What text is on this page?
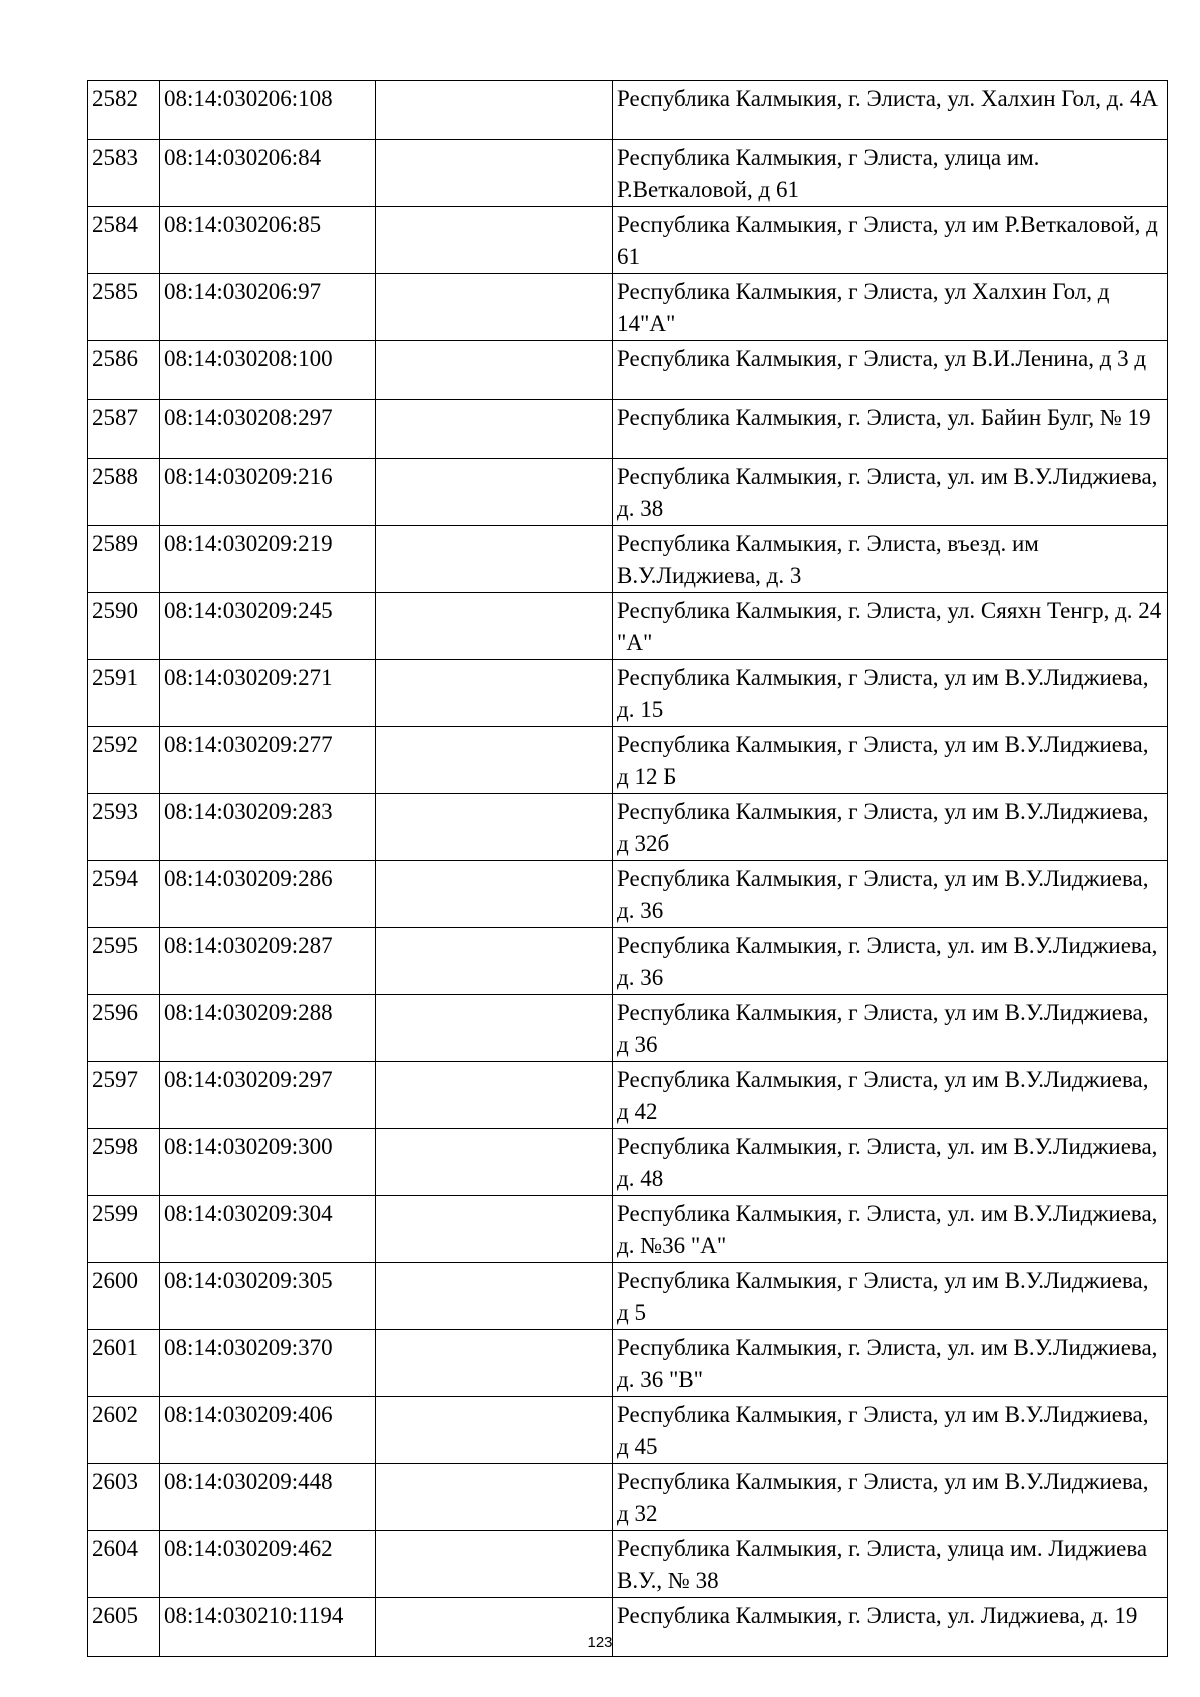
2582	08:14:030206:108		Республика Калмыкия, г. Элиста, ул. Халхин Гол, д. 4А
2583	08:14:030206:84		Республика Калмыкия, г Элиста, улица им. Р.Веткаловой, д 61
2584	08:14:030206:85		Республика Калмыкия, г Элиста, ул им Р.Веткаловой, д 61
2585	08:14:030206:97		Республика Калмыкия, г Элиста, ул Халхин Гол, д 14"А"
2586	08:14:030208:100		Республика Калмыкия, г Элиста, ул В.И.Ленина, д 3 д
2587	08:14:030208:297		Республика Калмыкия, г. Элиста, ул. Байин Булг, № 19
2588	08:14:030209:216		Республика Калмыкия, г. Элиста, ул. им В.У.Лиджиева, д. 38
2589	08:14:030209:219		Республика Калмыкия, г. Элиста, въезд. им В.У.Лиджиева, д. 3
2590	08:14:030209:245		Республика Калмыкия, г. Элиста, ул. Сяяхн Тенгр, д. 24 "А"
2591	08:14:030209:271		Республика Калмыкия, г Элиста, ул им В.У.Лиджиева, д. 15
2592	08:14:030209:277		Республика Калмыкия, г Элиста, ул им В.У.Лиджиева, д 12 Б
2593	08:14:030209:283		Республика Калмыкия, г Элиста, ул им В.У.Лиджиева, д 32б
2594	08:14:030209:286		Республика Калмыкия, г Элиста, ул им В.У.Лиджиева, д. 36
2595	08:14:030209:287		Республика Калмыкия, г. Элиста, ул. им В.У.Лиджиева, д. 36
2596	08:14:030209:288		Республика Калмыкия, г Элиста, ул им В.У.Лиджиева, д 36
2597	08:14:030209:297		Республика Калмыкия, г Элиста, ул им В.У.Лиджиева, д 42
2598	08:14:030209:300		Республика Калмыкия, г. Элиста, ул. им В.У.Лиджиева, д. 48
2599	08:14:030209:304		Республика Калмыкия, г. Элиста, ул. им В.У.Лиджиева, д. №36 "А"
2600	08:14:030209:305		Республика Калмыкия, г Элиста, ул им В.У.Лиджиева, д 5
2601	08:14:030209:370		Республика Калмыкия, г. Элиста, ул. им В.У.Лиджиева, д. 36 "В"
2602	08:14:030209:406		Республика Калмыкия, г Элиста, ул им В.У.Лиджиева, д 45
2603	08:14:030209:448		Республика Калмыкия, г Элиста, ул им В.У.Лиджиева, д 32
2604	08:14:030209:462		Республика Калмыкия, г. Элиста, улица им. Лиджиева В.У., № 38
2605	08:14:030210:1194		Республика Калмыкия, г. Элиста, ул. Лиджиева, д. 19
123
